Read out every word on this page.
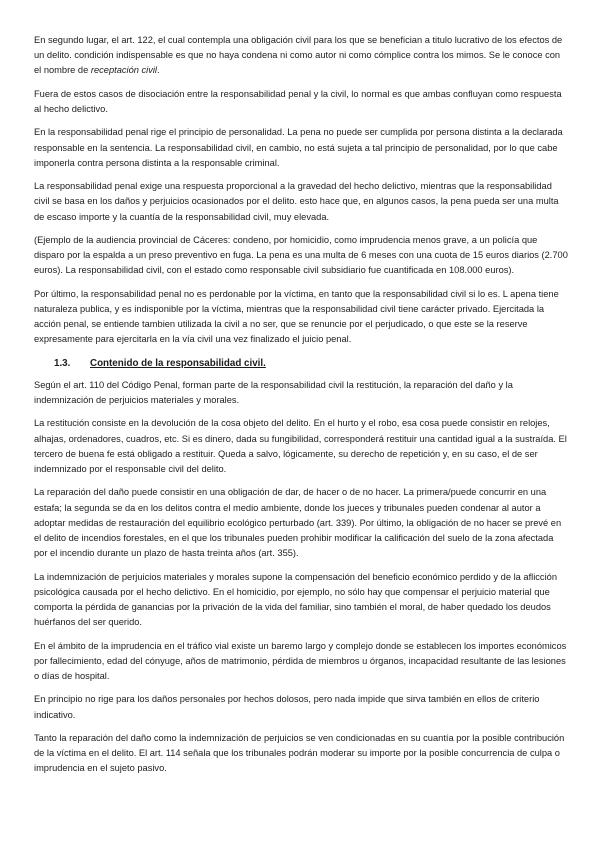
En segundo lugar, el art. 122, el cual contempla una obligación civil para los que se benefician a titulo lucrativo de los efectos de un delito. condición indispensable es que no haya condena ni como autor ni como cómplice contra los mimos. Se le conoce con el nombre de receptación civil.

Fuera de estos casos de disociación entre la responsabilidad penal y la civil, lo normal es que ambas confluyan como respuesta al hecho delictivo.

En la responsabilidad penal rige el principio de personalidad. La pena no puede ser cumplida por persona distinta a la declarada responsable en la sentencia. La responsabilidad civil, en cambio, no está sujeta a tal principio de personalidad, por lo que cabe imponerla contra persona distinta a la responsable criminal.

La responsabilidad penal exige una respuesta proporcional a la gravedad del hecho delictivo, mientras que la responsabilidad civil se basa en los daños y perjuicios ocasionados por el delito. esto hace que, en algunos casos, la pena pueda ser una multa de escaso importe y la cuantía de la responsabilidad civil, muy elevada.

(Ejemplo de la audiencia provincial de Cáceres: condeno, por homicidio, como imprudencia menos grave, a un policía que disparo por la espalda a un preso preventivo en fuga. La pena es una multa de 6 meses con una cuota de 15 euros diarios (2.700 euros). La responsabilidad civil, con el estado como responsable civil subsidiario fue cuantificada en 108.000 euros).

Por último, la responsabilidad penal no es perdonable por la víctima, en tanto que la responsabilidad civil si lo es. L apena tiene naturaleza publica, y es indisponible por la víctima, mientras que la responsabilidad civil tiene carácter privado. Ejercitada la acción penal, se entiende tambien utilizada la civil a no ser, que se renuncie por el perjudicado, o que este se la reserve expresamente para ejercitarla en la vía civil una vez finalizado el juicio penal.

1.3.	Contenido de la responsabilidad civil.

Según el art. 110 del Código Penal, forman parte de la responsabilidad civil la restitución, la reparación del daño y la indemnización de perjuicios materiales y morales.

La restitución consiste en la devolución de la cosa objeto del delito. En el hurto y el robo, esa cosa puede consistir en relojes, alhajas, ordenadores, cuadros, etc. Si es dinero, dada su fungibilidad, corresponderá restituir una cantidad igual a la sustraída. El tercero de buena fe está obligado a restituir. Queda a salvo, lógicamente, su derecho de repetición y, en su caso, el de ser indemnizado por el responsable civil del delito.

La reparación del daño puede consistir en una obligación de dar, de hacer o de no hacer. La primera/puede concurrir en una estafa; la segunda se da en los delitos contra el medio ambiente, donde los jueces y tribunales pueden condenar al autor a adoptar medidas de restauración del equilibrio ecológico perturbado (art. 339). Por último, la obligación de no hacer se prevé en el delito de incendios forestales, en el que los tribunales pueden prohibir modificar la calificación del suelo de la zona afectada por el incendio durante un plazo de hasta treinta años (art. 355).

La indemnización de perjuicios materiales y morales supone la compensación del beneficio económico perdido y de la aflicción psicológica causada por el hecho delictivo. En el homicidio, por ejemplo, no sólo hay que compensar el perjuicio material que comporta la pérdida de ganancias por la privación de la vida del familiar, sino también el moral, de haber quedado los deudos huérfanos del ser querido.

En el ámbito de la imprudencia en el tráfico vial existe un baremo largo y complejo donde se establecen los importes económicos por fallecimiento, edad del cónyuge, años de matrimonio, pérdida de miembros u órganos, incapacidad resultante de las lesiones o días de hospital.

En principio no rige para los daños personales por hechos dolosos, pero nada impide que sirva también en ellos de criterio indicativo.

Tanto la reparación del daño como la indemnización de perjuicios se ven condicionadas en su cuantía por la posible contribución de la víctima en el delito. El art. 114 señala que los tribunales podrán moderar su importe por la posible concurrencia de culpa o imprudencia en el sujeto pasivo.
